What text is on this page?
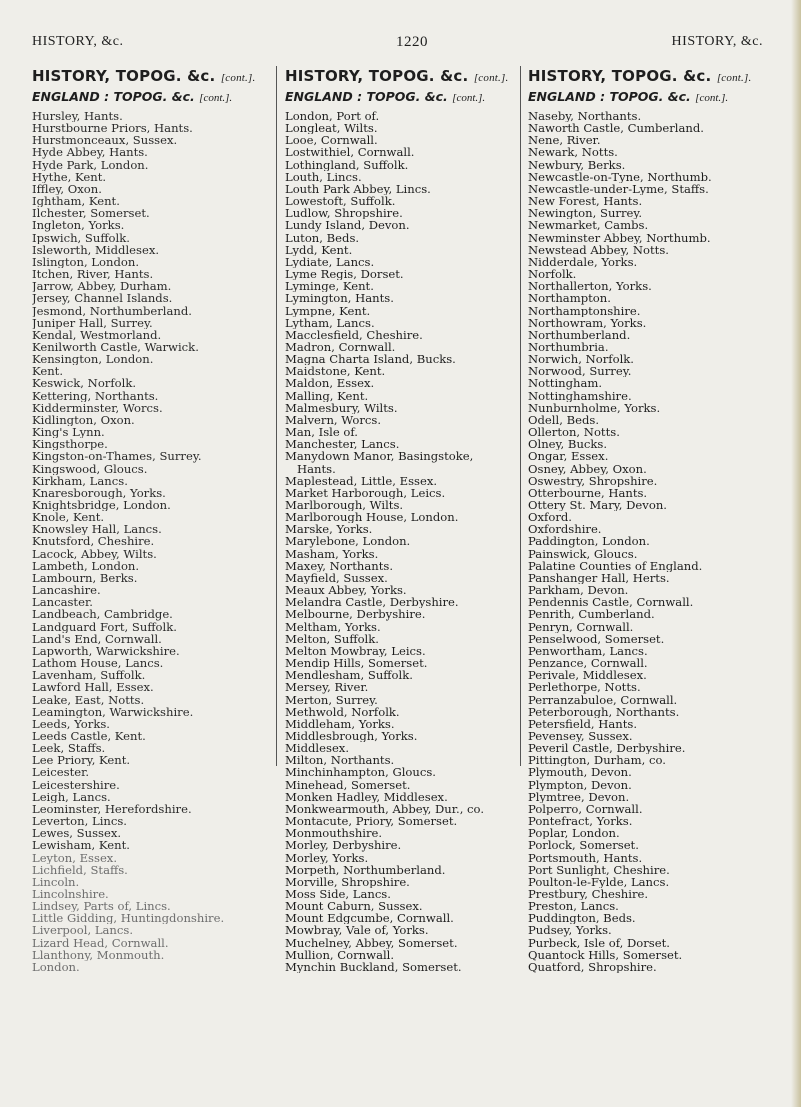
HISTORY, &c.	1220	HISTORY, &c.
HISTORY, TOPOG. &c. [cont.].
ENGLAND : TOPOG. &c. [cont.].
Hursley, Hants.
Hurstbourne Priors, Hants.
Hurstmonceaux, Sussex.
Hyde Abbey, Hants.
Hyde Park, London.
Hythe, Kent.
Iffley, Oxon.
Ightham, Kent.
Ilchester, Somerset.
Ingleton, Yorks.
Ipswich, Suffolk.
Isleworth, Middlesex.
Islington, London.
Itchen, River, Hants.
Jarrow, Abbey, Durham.
Jersey, Channel Islands.
Jesmond, Northumberland.
Juniper Hall, Surrey.
Kendal, Westmorland.
Kenilworth Castle, Warwick.
Kensington, London.
Kent.
Keswick, Norfolk.
Kettering, Northants.
Kidderminster, Worcs.
Kidlington, Oxon.
King's Lynn.
Kingsthorpe.
Kingston-on-Thames, Surrey.
Kingswood, Gloucs.
Kirkham, Lancs.
Knaresborough, Yorks.
Knightsbridge, London.
Knole, Kent.
Knowsley Hall, Lancs.
Knutsford, Cheshire.
Lacock, Abbey, Wilts.
Lambeth, London.
Lambourn, Berks.
Lancashire.
Lancaster.
Landbeach, Cambridge.
Landguard Fort, Suffolk.
Land's End, Cornwall.
Lapworth, Warwickshire.
Lathom House, Lancs.
Lavenham, Suffolk.
Lawford Hall, Essex.
Leake, East, Notts.
Leamington, Warwickshire.
Leeds, Yorks.
Leeds Castle, Kent.
Leek, Staffs.
Lee Priory, Kent.
Leicester.
Leicestershire.
Leigh, Lancs.
Leominster, Herefordshire.
Leverton, Lincs.
Lewes, Sussex.
Lewisham, Kent.
Leyton, Essex.
Lichfield, Staffs.
Lincoln.
Lincolnshire.
Lindsey, Parts of, Lincs.
Little Gidding, Huntingdonshire.
Liverpool, Lancs.
Lizard Head, Cornwall.
Llanthony, Monmouth.
London.
HISTORY, TOPOG. &c. [cont.].
ENGLAND : TOPOG. &c. [cont.].
London, Port of.
Longleat, Wilts.
Looe, Cornwall.
Lostwithiel, Cornwall.
Lothingland, Suffolk.
Louth, Lincs.
Louth Park Abbey, Lincs.
Lowestoft, Suffolk.
Ludlow, Shropshire.
Lundy Island, Devon.
Luton, Beds.
Lydd, Kent.
Lydiate, Lancs.
Lyme Regis, Dorset.
Lyminge, Kent.
Lymington, Hants.
Lympne, Kent.
Lytham, Lancs.
Macclesfield, Cheshire.
Madron, Cornwall.
Magna Charta Island, Bucks.
Maidstone, Kent.
Maldon, Essex.
Malling, Kent.
Malmesbury, Wilts.
Malvern, Worcs.
Man, Isle of.
Manchester, Lancs.
Manydown Manor, Basingstoke,
Hants.
Maplestead, Little, Essex.
Market Harborough, Leics.
Marlborough, Wilts.
Marlborough House, London.
Marske, Yorks.
Marylebone, London.
Masham, Yorks.
Maxey, Northants.
Mayfield, Sussex.
Meaux Abbey, Yorks.
Melandra Castle, Derbyshire.
Melbourne, Derbyshire.
Meltham, Yorks.
Melton, Suffolk.
Melton Mowbray, Leics.
Mendip Hills, Somerset.
Mendlesham, Suffolk.
Mersey, River.
Merton, Surrey.
Methwold, Norfolk.
Middleham, Yorks.
Middlesbrough, Yorks.
Middlesex.
Milton, Northants.
Minchinhampton, Gloucs.
Minehead, Somerset.
Monken Hadley, Middlesex.
Monkwearmouth, Abbey, Dur., co.
Montacute, Priory, Somerset.
Monmouthshire.
Morley, Derbyshire.
Morley, Yorks.
Morpeth, Northumberland.
Morville, Shropshire.
Moss Side, Lancs.
Mount Caburn, Sussex.
Mount Edgcumbe, Cornwall.
Mowbray, Vale of, Yorks.
Muchelney, Abbey, Somerset.
Mullion, Cornwall.
Mynchin Buckland, Somerset.
HISTORY, TOPOG. &c. [cont.].
ENGLAND : TOPOG. &c. [cont.].
Naseby, Northants.
Naworth Castle, Cumberland.
Nene, River.
Newark, Notts.
Newbury, Berks.
Newcastle-on-Tyne, Northumb.
Newcastle-under-Lyme, Staffs.
New Forest, Hants.
Newington, Surrey.
Newmarket, Cambs.
Newminster Abbey, Northumb.
Newstead Abbey, Notts.
Nidderdale, Yorks.
Norfolk.
Northallerton, Yorks.
Northampton.
Northamptonshire.
Northowram, Yorks.
Northumberland.
Northumbria.
Norwich, Norfolk.
Norwood, Surrey.
Nottingham.
Nottinghamshire.
Nunburnholme, Yorks.
Odell, Beds.
Ollerton, Notts.
Olney, Bucks.
Ongar, Essex.
Osney, Abbey, Oxon.
Oswestry, Shropshire.
Otterbourne, Hants.
Ottery St. Mary, Devon.
Oxford.
Oxfordshire.
Paddington, London.
Painswick, Gloucs.
Palatine Counties of England.
Panshanger Hall, Herts.
Parkham, Devon.
Pendennis Castle, Cornwall.
Penrith, Cumberland.
Penryn, Cornwall.
Penselwood, Somerset.
Penwortham, Lancs.
Penzance, Cornwall.
Perivale, Middlesex.
Perlethorpe, Notts.
Perranzabuloe, Cornwall.
Peterborough, Northants.
Petersfield, Hants.
Pevensey, Sussex.
Peveril Castle, Derbyshire.
Pittington, Durham, co.
Plymouth, Devon.
Plympton, Devon.
Plymtree, Devon.
Polperro, Cornwall.
Pontefract, Yorks.
Poplar, London.
Porlock, Somerset.
Portsmouth, Hants.
Port Sunlight, Cheshire.
Poulton-le-Fylde, Lancs.
Prestbury, Cheshire.
Preston, Lancs.
Puddington, Beds.
Pudsey, Yorks.
Purbeck, Isle of, Dorset.
Quantock Hills, Somerset.
Quatford, Shropshire.
